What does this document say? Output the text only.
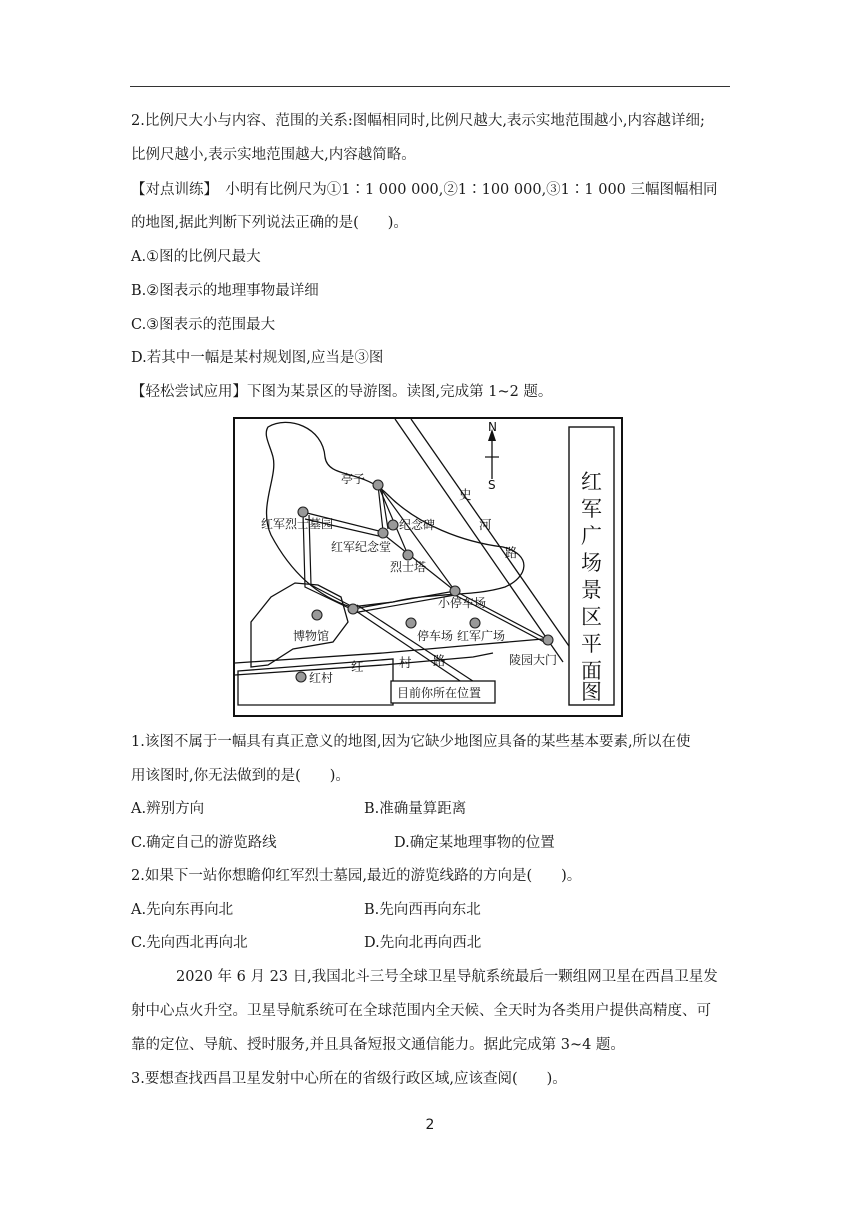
2.比例尺大小与内容、范围的关系:图幅相同时,比例尺越大,表示实地范围越小,内容越详细;
比例尺越小,表示实地范围越大,内容越简略。
【对点训练】　小明有比例尺为①1∶1 000 000,②1∶100 000,③1∶1 000 三幅图幅相同
的地图,据此判断下列说法正确的是(　　)。
A.①图的比例尺最大
B.②图表示的地理事物最详细
C.③图表示的范围最大
D.若其中一幅是某村规划图,应当是③图
【轻松尝试应用】下图为某景区的导游图。读图,完成第 1~2 题。
N
S	红
军
广
场
景
区
平
面
图
亭子
红军烈士墓园	纪念碑
红军纪念堂
烈士塔
小停车场
博物馆	停车场 红军广场
红村
陵园大门
红	村 路
史
河
路
目前你所在位置
1.该图不属于一幅具有真正意义的地图,因为它缺少地图应具备的某些基本要素,所以在使
用该图时,你无法做到的是(　　)。
A.辨别方向	B.准确量算距离
C.确定自己的游览路线	D.确定某地理事物的位置
2.如果下一站你想瞻仰红军烈士墓园,最近的游览线路的方向是(　　)。
A.先向东再向北	B.先向西再向东北
C.先向西北再向北	D.先向北再向西北
2020 年 6 月 23 日,我国北斗三号全球卫星导航系统最后一颗组网卫星在西昌卫星发
射中心点火升空。卫星导航系统可在全球范围内全天候、全天时为各类用户提供高精度、可
靠的定位、导航、授时服务,并且具备短报文通信能力。据此完成第 3~4 题。
3.要想查找西昌卫星发射中心所在的省级行政区域,应该查阅(　　)。
2
